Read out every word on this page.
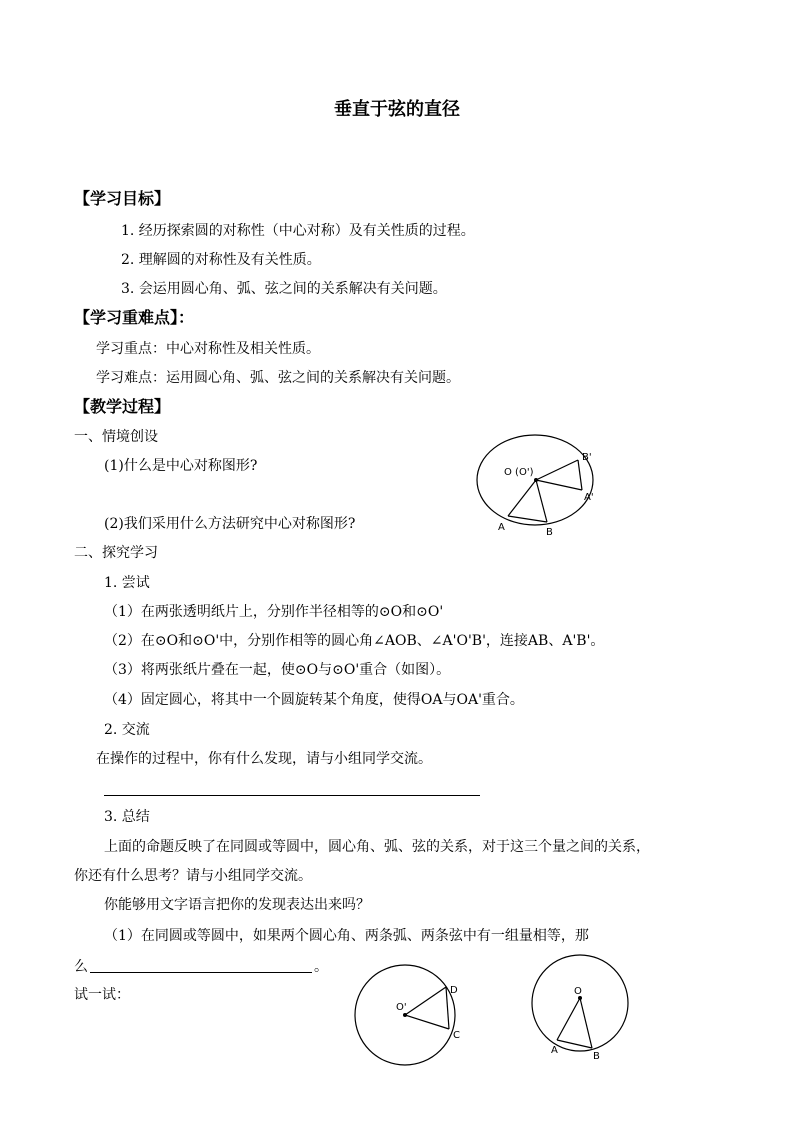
垂直于弦的直径
【学习目标】
1. 经历探索圆的对称性（中心对称）及有关性质的过程。
2. 理解圆的对称性及有关性质。
3. 会运用圆心角、弧、弦之间的关系解决有关问题。
【学习重难点】：
学习重点：中心对称性及相关性质。
学习难点：运用圆心角、弧、弦之间的关系解决有关问题。
【教学过程】
一、情境创设
(1)什么是中心对称图形?
(2)我们采用什么方法研究中心对称图形?
O (O')
A	B
A'
B'
二、探究学习
1. 尝试
（1）在两张透明纸片上，分别作半径相等的⊙O和⊙O'
（2）在⊙O和⊙O'中，分别作相等的圆心角∠AOB、∠A'O'B'，连接AB、A'B'。
（3）将两张纸片叠在一起，使⊙O与⊙O'重合（如图）。
（4）固定圆心，将其中一个圆旋转某个角度，使得OA与OA'重合。
2. 交流
在操作的过程中，你有什么发现，请与小组同学交流。
3. 总结
上面的命题反映了在同圆或等圆中，圆心角、弧、弦的关系，对于这三个量之间的关系，
你还有什么思考？请与小组同学交流。
你能够用文字语言把你的发现表达出来吗？
（1）在同圆或等圆中，如果两个圆心角、两条弧、两条弦中有一组量相等，那
么	。
试一试：
O'
D
C
O
A
B
